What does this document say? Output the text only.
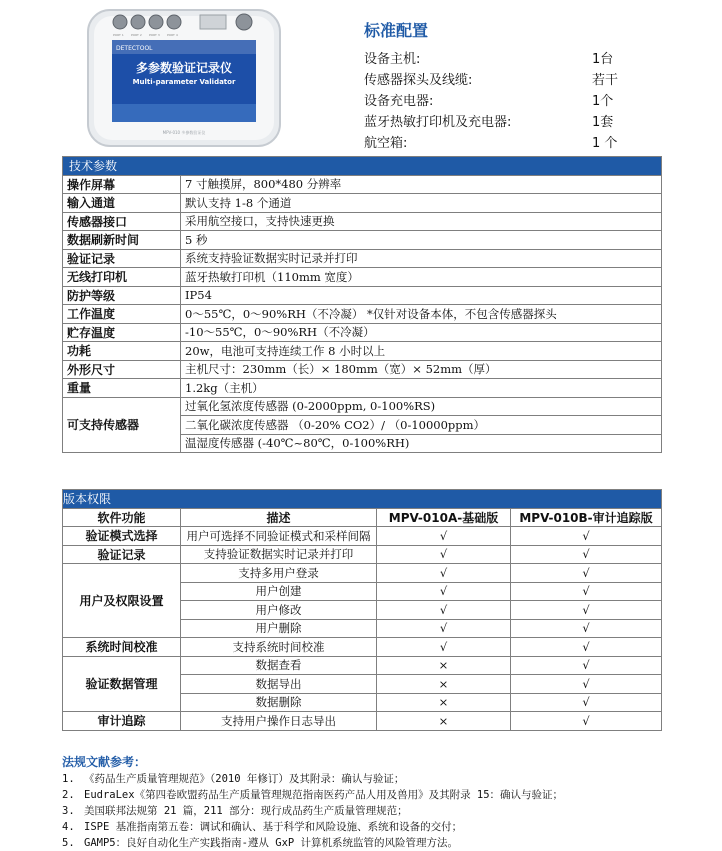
DETECTOOL
多参数验证记录仪
Multi-parameter Validator
MPV-010 多参数验证仪
PORT 1 PORT 2 PORT 3 PORT 4	标准配置
设备主机:	1台
传感器探头及线缆:	若干
设备充电器:	1个
蓝牙热敏打印机及充电器:	1套
航空箱:	1 个
技术参数	
操作屏幕	7 寸触摸屏，800*480 分辨率
输入通道	默认支持 1-8 个通道
传感器接口	采用航空接口，支持快速更换
数据刷新时间	5 秒
验证记录	系统支持验证数据实时记录并打印
无线打印机	蓝牙热敏打印机（110mm 宽度）
防护等级	IP54
工作温度	0～55℃，0～90%RH（不冷凝） *仅针对设备本体，不包含传感器探头
贮存温度	-10～55℃，0～90%RH（不冷凝）
功耗	20w，电池可支持连续工作 8 小时以上
外形尺寸	主机尺寸：230mm（长）× 180mm（宽）× 52mm（厚）
重量	1.2kg（主机）
可支持传感器	过氧化氢浓度传感器 (0-2000ppm, 0-100%RS)
	二氧化碳浓度传感器 （0-20% CO2）/ （0-10000ppm）
	温湿度传感器 (-40℃~80℃，0-100%RH)
版本权限			
软件功能	描述	MPV-010A-基础版	MPV-010B-审计追踪版
验证模式选择	用户可选择不同验证模式和采样间隔	√	√
验证记录	支持验证数据实时记录并打印	√	√
用户及权限设置	支持多用户登录	√	√
	用户创建	√	√
	用户修改	√	√
	用户删除	√	√
系统时间校准	支持系统时间校准	√	√
验证数据管理	数据查看	×	√
	数据导出	×	√
	数据删除	×	√
审计追踪	支持用户操作日志导出	×	√
法规文献参考：
1. 《药品生产质量管理规范》（2010 年修订）及其附录：确认与验证；
2. EudraLex《第四卷欧盟药品生产质量管理规范指南医药产品人用及兽用》及其附录 15：确认与验证；
3. 美国联邦法规第 21 篇，211 部分：现行成品药生产质量管理规范；
4. ISPE 基准指南第五卷：调试和确认、基于科学和风险设施、系统和设备的交付；
5. GAMP5：良好自动化生产实践指南-遵从 GxP 计算机系统监管的风险管理方法。
